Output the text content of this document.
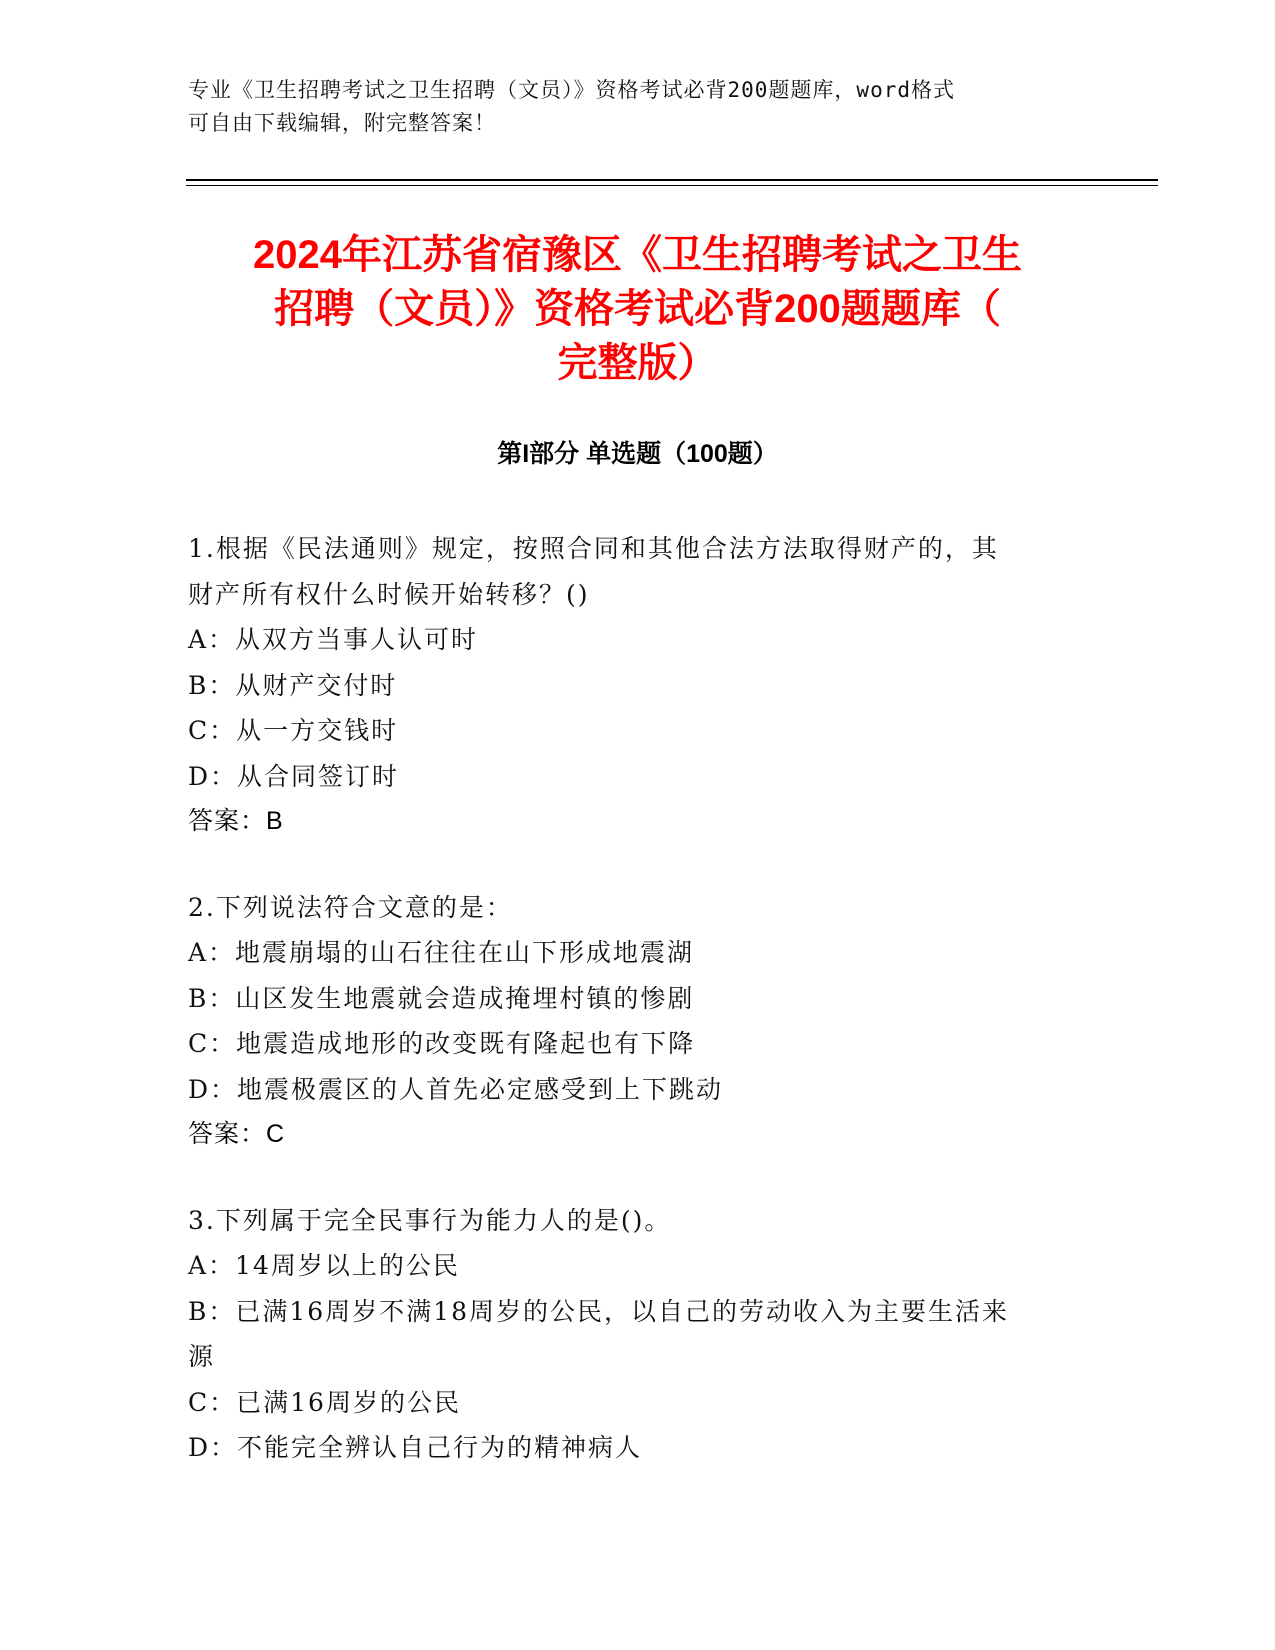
专业《卫生招聘考试之卫生招聘（文员）》资格考试必背200题题库，word格式
可自由下载编辑，附完整答案！
2024年江苏省宿豫区《卫生招聘考试之卫生
招聘（文员）》资格考试必背200题题库（
完整版）
第I部分 单选题（100题）

1.根据《民法通则》规定，按照合同和其他合法方法取得财产的，其

财产所有权什么时候开始转移？()

A：从双方当事人认可时

B：从财产交付时

C：从一方交钱时

D：从合同签订时

答案：B

2.下列说法符合文意的是：

A：地震崩塌的山石往往在山下形成地震湖

B：山区发生地震就会造成掩埋村镇的惨剧

C：地震造成地形的改变既有隆起也有下降

D：地震极震区的人首先必定感受到上下跳动

答案：C

3.下列属于完全民事行为能力人的是()。

A：14周岁以上的公民

B：已满16周岁不满18周岁的公民，以自己的劳动收入为主要生活来

源

C：已满16周岁的公民

D：不能完全辨认自己行为的精神病人
